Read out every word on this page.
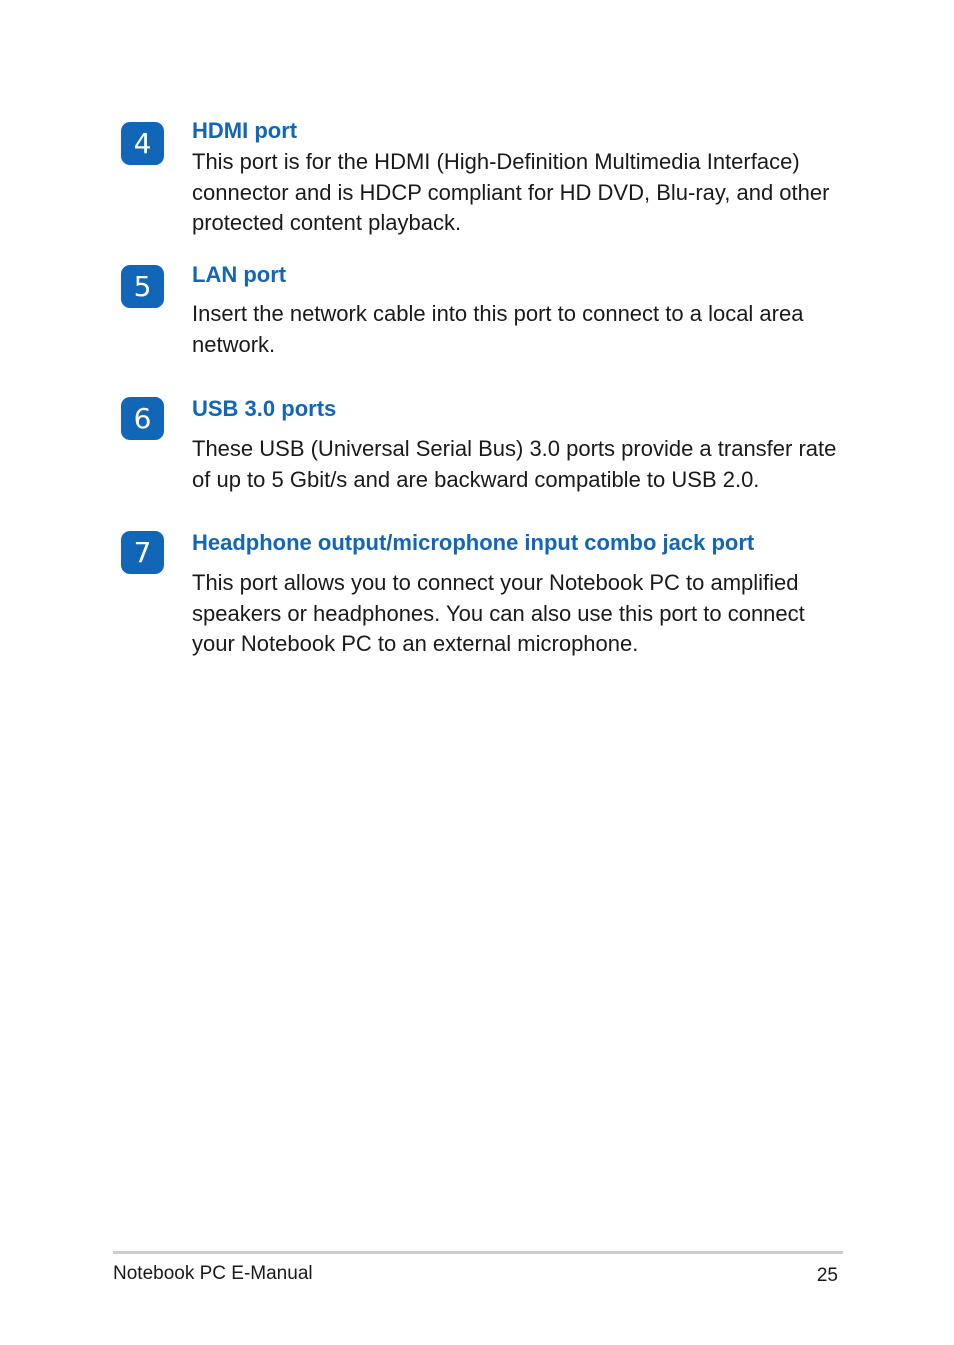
4	HDMI port

This port is for the HDMI (High-Definition Multimedia Interface) connector and is HDCP compliant for HD DVD, Blu-ray, and other protected content playback.

5	LAN port

Insert the network cable into this port to connect to a local area network.

6	USB 3.0 ports

These USB (Universal Serial Bus) 3.0 ports provide a transfer rate of up to 5 Gbit/s and are backward compatible to USB 2.0.

7	Headphone output/microphone input combo jack port

This port allows you to connect your Notebook PC to amplified speakers or headphones. You can also use this port to connect your Notebook PC to an external microphone.

Notebook PC E-Manual	25
